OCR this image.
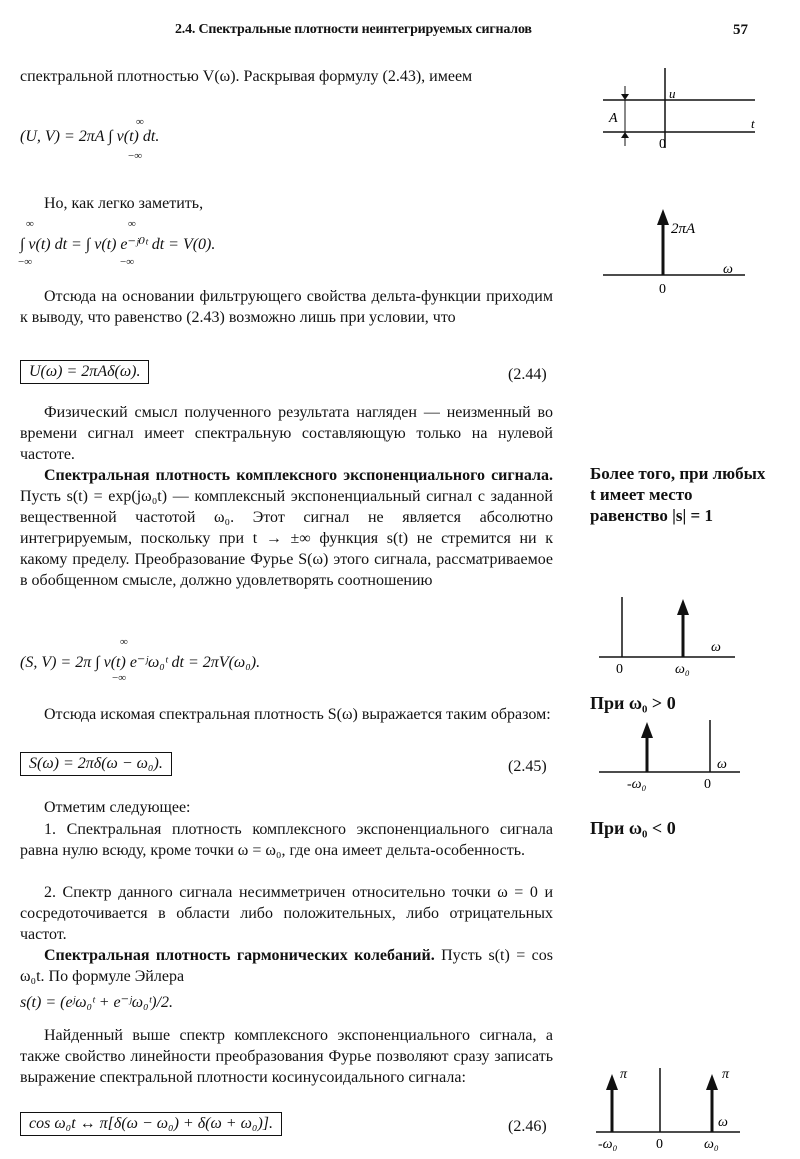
2.4. Спектральные плотности неинтегрируемых сигналов	57
спектральной плотностью V(ω). Раскрывая формулу (2.43), имеем
∞
−∞
(U, V) = 2πA ∫ v(t) dt.
Но, как легко заметить,
∞
−∞
∞
−∞
∫ v(t) dt = ∫ v(t) e⁻ʲ⁰ᵗ dt = V(0).
Отсюда на основании фильтрующего свойства дельта-функции приходим к выводу, что равенство (2.43) возможно лишь при условии, что
U(ω) = 2πAδ(ω).	(2.44)
Физический смысл полученного результата нагляден — неизменный во времени сигнал имеет спектральную составляющую только на нулевой частоте.
Спектральная плотность комплексного экспоненциального сигнала. Пусть s(t) = exp(jω₀t) — комплексный экспоненциальный сигнал с заданной вещественной частотой ω₀. Этот сигнал не является абсолютно интегрируемым, поскольку при t → ±∞ функция s(t) не стремится ни к какому пределу. Преобразование Фурье S(ω) этого сигнала, рассматриваемое в обобщенном смысле, должно удовлетворять соотношению
∞
−∞
(S, V) = 2π ∫ v(t) e⁻ʲω₀ᵗ dt = 2πV(ω₀).
Отсюда искомая спектральная плотность S(ω) выражается таким образом:
S(ω) = 2πδ(ω − ω₀).	(2.45)
Отметим следующее:
1. Спектральная плотность комплексного экспоненциального сигнала равна нулю всюду, кроме точки ω = ω₀, где она имеет дельта-особенность.
2. Спектр данного сигнала несимметричен относительно точки ω = 0 и сосредоточивается в области либо положительных, либо отрицательных частот.
Спектральная плотность гармонических колебаний. Пусть s(t) = cos ω₀t. По формуле Эйлера
s(t) = (eʲω₀ᵗ + e⁻ʲω₀ᵗ)/2.
Найденный выше спектр комплексного экспоненциального сигнала, а также свойство линейности преобразования Фурье позволяют сразу записать выражение спектральной плотности косинусоидального сигнала:
cos ω₀t ↔ π[δ(ω − ω₀) + δ(ω + ω₀)].	(2.46)
Более того, при любых t имеет место равенство |s| = 1
При ω₀ > 0
При ω₀ < 0
u
t
A
0
2πA
ω
0
ω
0	ω₀
ω
-ω₀	0
π	π
ω
-ω₀	0	ω₀
